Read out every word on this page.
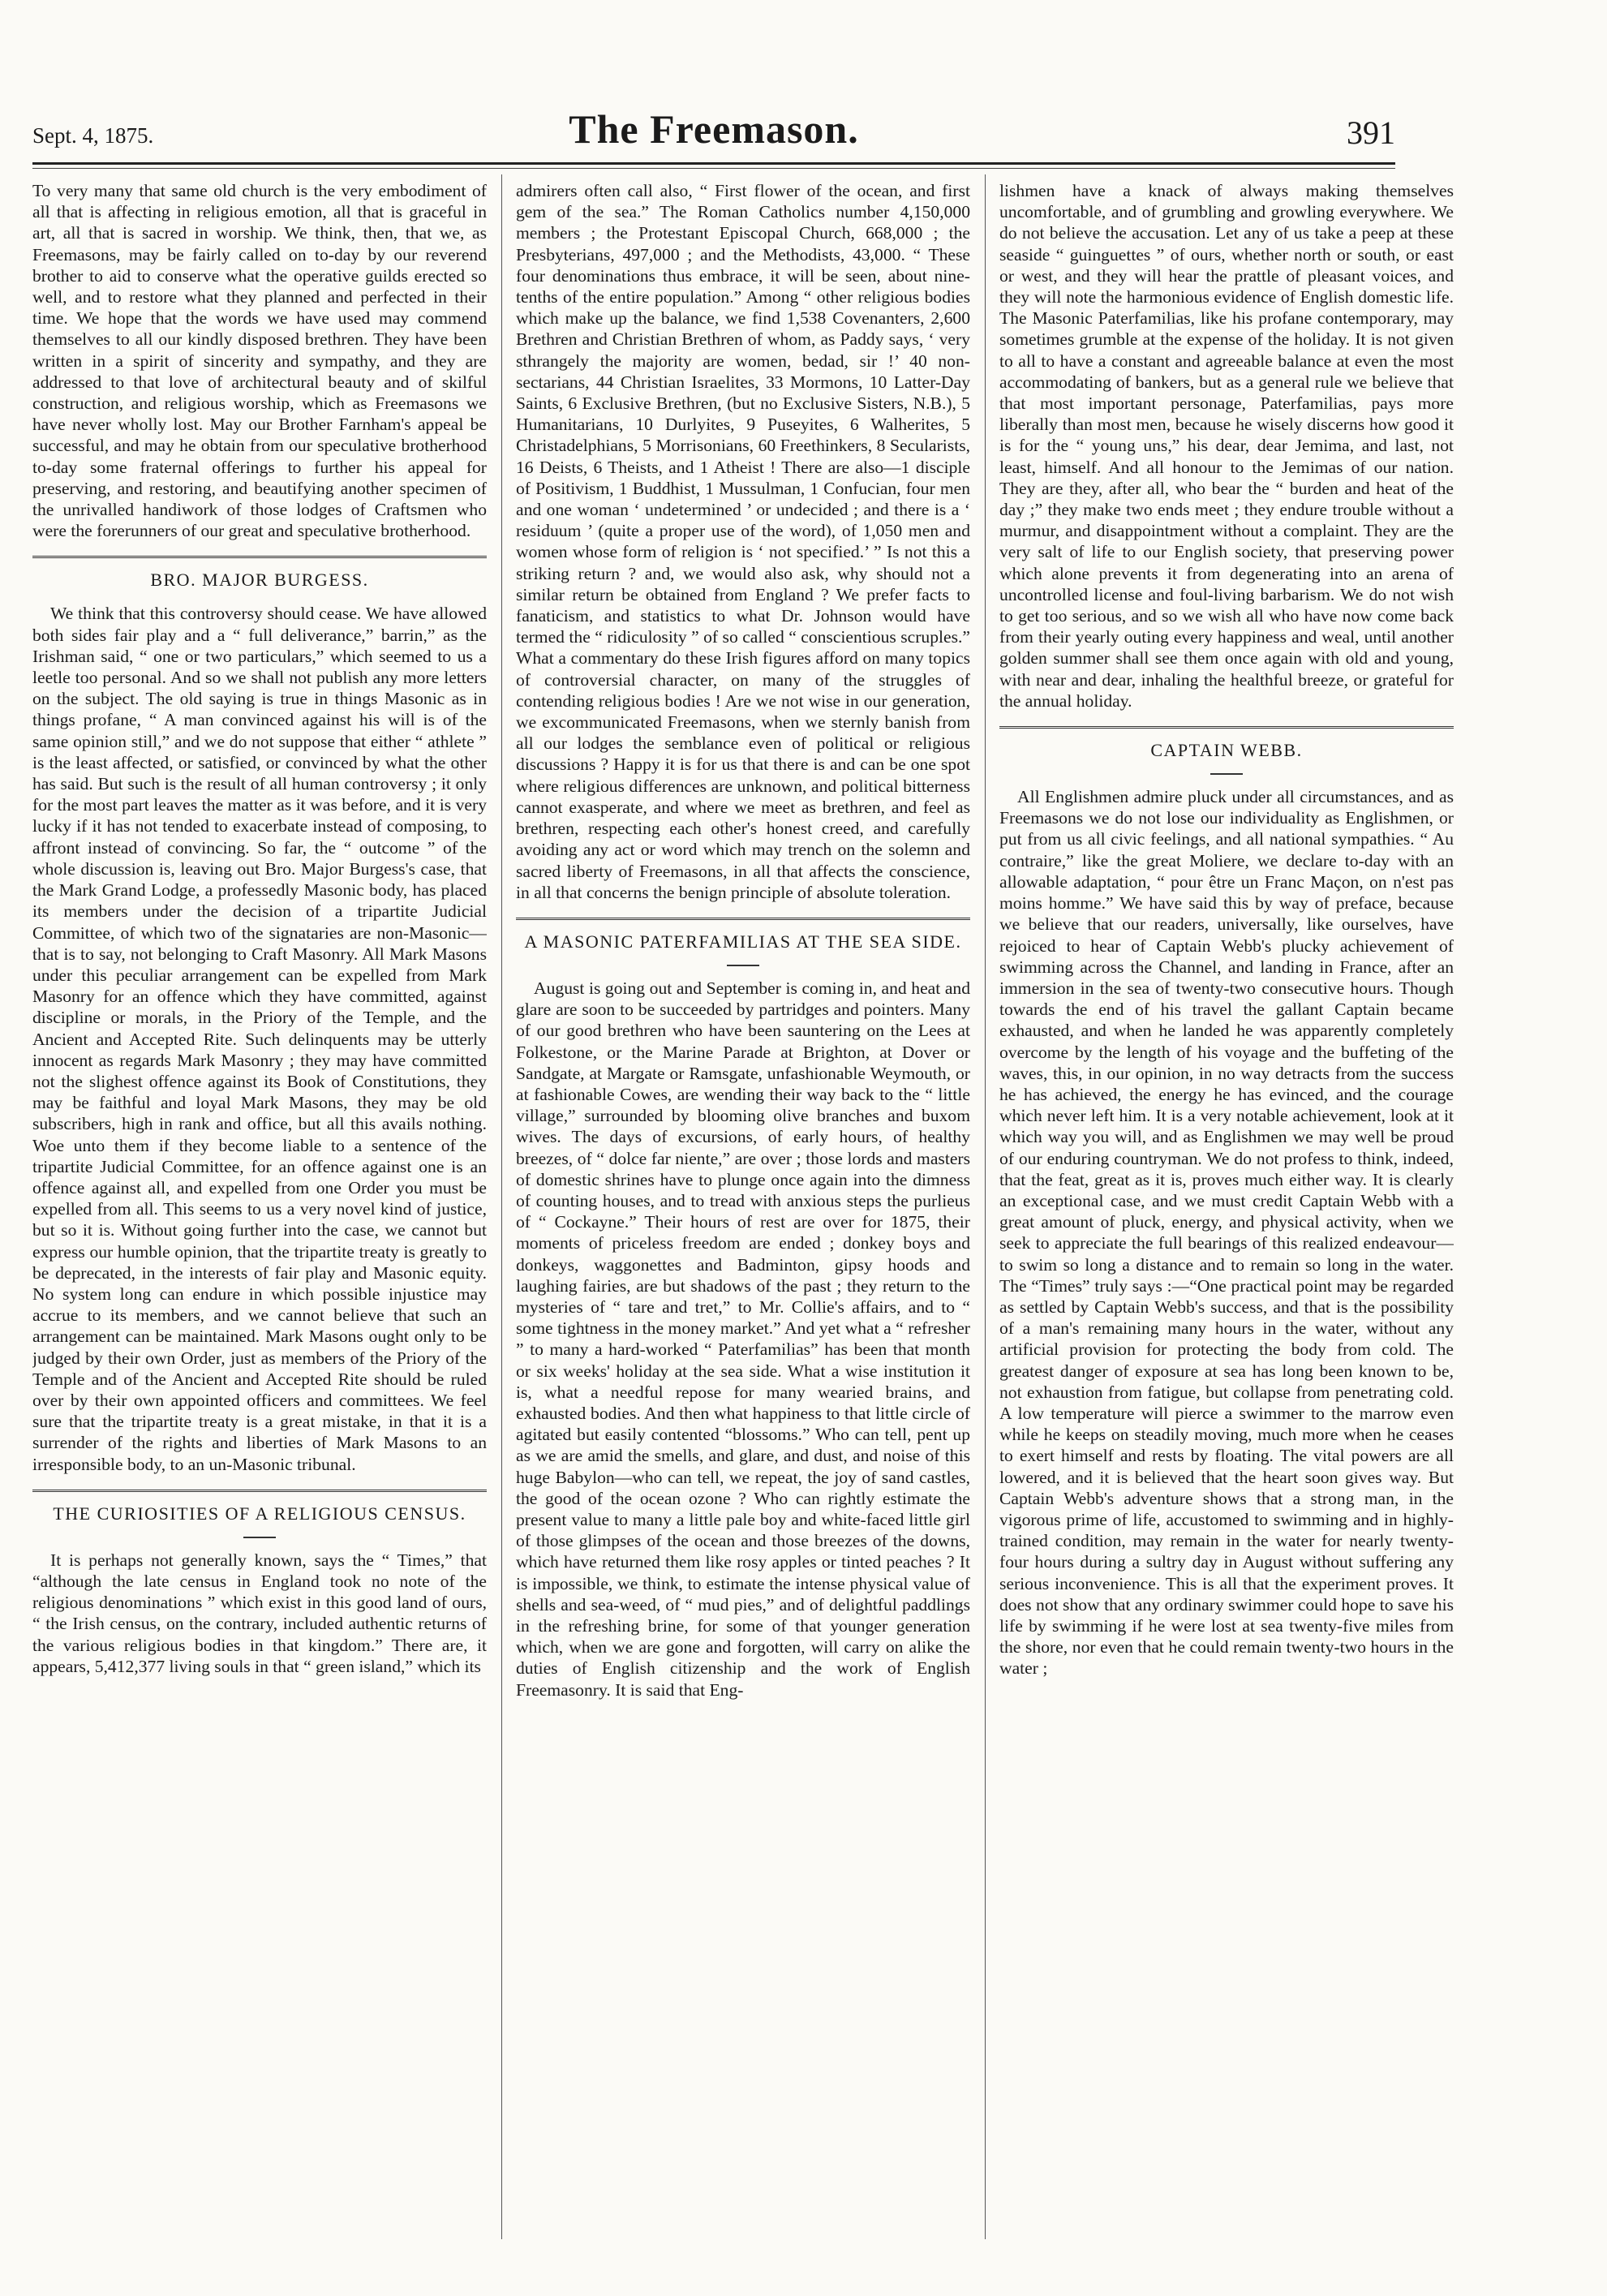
Sept. 4, 1875.	The Freemason.	391

To very many that same old church is the very embodiment of all that is affecting in religious emotion, all that is graceful in art, all that is sacred in worship. We think, then, that we, as Freemasons, may be fairly called on to-day by our reverend brother to aid to conserve what the operative guilds erected so well, and to restore what they planned and perfected in their time. We hope that the words we have used may commend themselves to all our kindly disposed brethren. They have been written in a spirit of sincerity and sympathy, and they are addressed to that love of architectural beauty and of skilful construction, and religious worship, which as Freemasons we have never wholly lost. May our Brother Farnham's appeal be successful, and may he obtain from our speculative brotherhood to-day some fraternal offerings to further his appeal for preserving, and restoring, and beautifying another specimen of the unrivalled handiwork of those lodges of Craftsmen who were the forerunners of our great and speculative brotherhood.

BRO. MAJOR BURGESS.

We think that this controversy should cease. We have allowed both sides fair play and a “ full deliverance,” barrin,” as the Irishman said, “ one or two particulars,” which seemed to us a leetle too personal. And so we shall not publish any more letters on the subject. The old saying is true in things Masonic as in things profane, “ A man convinced against his will is of the same opinion still,” and we do not suppose that either “ athlete ” is the least affected, or satisfied, or convinced by what the other has said. But such is the result of all human controversy ; it only for the most part leaves the matter as it was before, and it is very lucky if it has not tended to exacerbate instead of composing, to affront instead of convincing. So far, the “ outcome ” of the whole discussion is, leaving out Bro. Major Burgess's case, that the Mark Grand Lodge, a professedly Masonic body, has placed its members under the decision of a tripartite Judicial Committee, of which two of the signataries are non-Masonic—that is to say, not belonging to Craft Masonry. All Mark Masons under this peculiar arrangement can be expelled from Mark Masonry for an offence which they have committed, against discipline or morals, in the Priory of the Temple, and the Ancient and Accepted Rite. Such delinquents may be utterly innocent as regards Mark Masonry ; they may have committed not the slighest offence against its Book of Constitutions, they may be faithful and loyal Mark Masons, they may be old subscribers, high in rank and office, but all this avails nothing. Woe unto them if they become liable to a sentence of the tripartite Judicial Committee, for an offence against one is an offence against all, and expelled from one Order you must be expelled from all. This seems to us a very novel kind of justice, but so it is. Without going further into the case, we cannot but express our humble opinion, that the tripartite treaty is greatly to be deprecated, in the interests of fair play and Masonic equity. No system long can endure in which possible injustice may accrue to its members, and we cannot believe that such an arrangement can be maintained. Mark Masons ought only to be judged by their own Order, just as members of the Priory of the Temple and of the Ancient and Accepted Rite should be ruled over by their own appointed officers and committees. We feel sure that the tripartite treaty is a great mistake, in that it is a surrender of the rights and liberties of Mark Masons to an irresponsible body, to an un-Masonic tribunal.

THE CURIOSITIES OF A RELIGIOUS CENSUS.

It is perhaps not generally known, says the “ Times,” that “although the late census in England took no note of the religious denominations ” which exist in this good land of ours, “ the Irish census, on the contrary, included authentic returns of the various religious bodies in that kingdom.” There are, it appears, 5,412,377 living souls in that “ green island,” which its

admirers often call also, “ First flower of the ocean, and first gem of the sea.” The Roman Catholics number 4,150,000 members ; the Protestant Episcopal Church, 668,000 ; the Presbyterians, 497,000 ; and the Methodists, 43,000. “ These four denominations thus embrace, it will be seen, about nine-tenths of the entire population.” Among “ other religious bodies which make up the balance, we find 1,538 Covenanters, 2,600 Brethren and Christian Brethren of whom, as Paddy says, ‘ very sthrangely the majority are women, bedad, sir !’ 40 non-sectarians, 44 Christian Israelites, 33 Mormons, 10 Latter-Day Saints, 6 Exclusive Brethren, (but no Exclusive Sisters, N.B.), 5 Humanitarians, 10 Durlyites, 9 Puseyites, 6 Walherites, 5 Christadelphians, 5 Morrisonians, 60 Freethinkers, 8 Secularists, 16 Deists, 6 Theists, and 1 Atheist ! There are also—1 disciple of Positivism, 1 Buddhist, 1 Mussulman, 1 Confucian, four men and one woman ‘ undetermined ’ or undecided ; and there is a ‘ residuum ’ (quite a proper use of the word), of 1,050 men and women whose form of religion is ‘ not specified.’ ” Is not this a striking return ? and, we would also ask, why should not a similar return be obtained from England ? We prefer facts to fanaticism, and statistics to what Dr. Johnson would have termed the “ ridiculosity ” of so called “ conscientious scruples.” What a commentary do these Irish figures afford on many topics of controversial character, on many of the struggles of contending religious bodies ! Are we not wise in our generation, we excommunicated Freemasons, when we sternly banish from all our lodges the semblance even of political or religious discussions ? Happy it is for us that there is and can be one spot where religious differences are unknown, and political bitterness cannot exasperate, and where we meet as brethren, and feel as brethren, respecting each other's honest creed, and carefully avoiding any act or word which may trench on the solemn and sacred liberty of Freemasons, in all that affects the conscience, in all that concerns the benign principle of absolute toleration.

A MASONIC PATERFAMILIAS AT THE SEA SIDE.

August is going out and September is coming in, and heat and glare are soon to be succeeded by partridges and pointers. Many of our good brethren who have been sauntering on the Lees at Folkestone, or the Marine Parade at Brighton, at Dover or Sandgate, at Margate or Ramsgate, unfashionable Weymouth, or at fashionable Cowes, are wending their way back to the “ little village,” surrounded by blooming olive branches and buxom wives. The days of excursions, of early hours, of healthy breezes, of “ dolce far niente,” are over ; those lords and masters of domestic shrines have to plunge once again into the dimness of counting houses, and to tread with anxious steps the purlieus of “ Cockayne.” Their hours of rest are over for 1875, their moments of priceless freedom are ended ; donkey boys and donkeys, waggonettes and Badminton, gipsy hoods and laughing fairies, are but shadows of the past ; they return to the mysteries of “ tare and tret,” to Mr. Collie's affairs, and to “ some tightness in the money market.” And yet what a “ refresher ” to many a hard-worked “ Paterfamilias” has been that month or six weeks' holiday at the sea side. What a wise institution it is, what a needful repose for many wearied brains, and exhausted bodies. And then what happiness to that little circle of agitated but easily contented “blossoms.” Who can tell, pent up as we are amid the smells, and glare, and dust, and noise of this huge Babylon—who can tell, we repeat, the joy of sand castles, the good of the ocean ozone ? Who can rightly estimate the present value to many a little pale boy and white-faced little girl of those glimpses of the ocean and those breezes of the downs, which have returned them like rosy apples or tinted peaches ? It is impossible, we think, to estimate the intense physical value of shells and sea-weed, of “ mud pies,” and of delightful paddlings in the refreshing brine, for some of that younger generation which, when we are gone and forgotten, will carry on alike the duties of English citizenship and the work of English Freemasonry. It is said that Eng-

lishmen have a knack of always making themselves uncomfortable, and of grumbling and growling everywhere. We do not believe the accusation. Let any of us take a peep at these seaside “ guinguettes ” of ours, whether north or south, or east or west, and they will hear the prattle of pleasant voices, and they will note the harmonious evidence of English domestic life. The Masonic Paterfamilias, like his profane contemporary, may sometimes grumble at the expense of the holiday. It is not given to all to have a constant and agreeable balance at even the most accommodating of bankers, but as a general rule we believe that that most important personage, Paterfamilias, pays more liberally than most men, because he wisely discerns how good it is for the “ young uns,” his dear, dear Jemima, and last, not least, himself. And all honour to the Jemimas of our nation. They are they, after all, who bear the “ burden and heat of the day ;” they make two ends meet ; they endure trouble without a murmur, and disappointment without a complaint. They are the very salt of life to our English society, that preserving power which alone prevents it from degenerating into an arena of uncontrolled license and foul-living barbarism. We do not wish to get too serious, and so we wish all who have now come back from their yearly outing every happiness and weal, until another golden summer shall see them once again with old and young, with near and dear, inhaling the healthful breeze, or grateful for the annual holiday.

CAPTAIN WEBB.

All Englishmen admire pluck under all circumstances, and as Freemasons we do not lose our individuality as Englishmen, or put from us all civic feelings, and all national sympathies. “ Au contraire,” like the great Moliere, we declare to-day with an allowable adaptation, “ pour être un Franc Maçon, on n'est pas moins homme.” We have said this by way of preface, because we believe that our readers, universally, like ourselves, have rejoiced to hear of Captain Webb's plucky achievement of swimming across the Channel, and landing in France, after an immersion in the sea of twenty-two consecutive hours. Though towards the end of his travel the gallant Captain became exhausted, and when he landed he was apparently completely overcome by the length of his voyage and the buffeting of the waves, this, in our opinion, in no way detracts from the success he has achieved, the energy he has evinced, and the courage which never left him. It is a very notable achievement, look at it which way you will, and as Englishmen we may well be proud of our enduring countryman. We do not profess to think, indeed, that the feat, great as it is, proves much either way. It is clearly an exceptional case, and we must credit Captain Webb with a great amount of pluck, energy, and physical activity, when we seek to appreciate the full bearings of this realized endeavour—to swim so long a distance and to remain so long in the water. The “Times” truly says :—“One practical point may be regarded as settled by Captain Webb's success, and that is the possibility of a man's remaining many hours in the water, without any artificial provision for protecting the body from cold. The greatest danger of exposure at sea has long been known to be, not exhaustion from fatigue, but collapse from penetrating cold. A low temperature will pierce a swimmer to the marrow even while he keeps on steadily moving, much more when he ceases to exert himself and rests by floating. The vital powers are all lowered, and it is believed that the heart soon gives way. But Captain Webb's adventure shows that a strong man, in the vigorous prime of life, accustomed to swimming and in highly-trained condition, may remain in the water for nearly twenty-four hours during a sultry day in August without suffering any serious inconvenience. This is all that the experiment proves. It does not show that any ordinary swimmer could hope to save his life by swimming if he were lost at sea twenty-five miles from the shore, nor even that he could remain twenty-two hours in the water ;
